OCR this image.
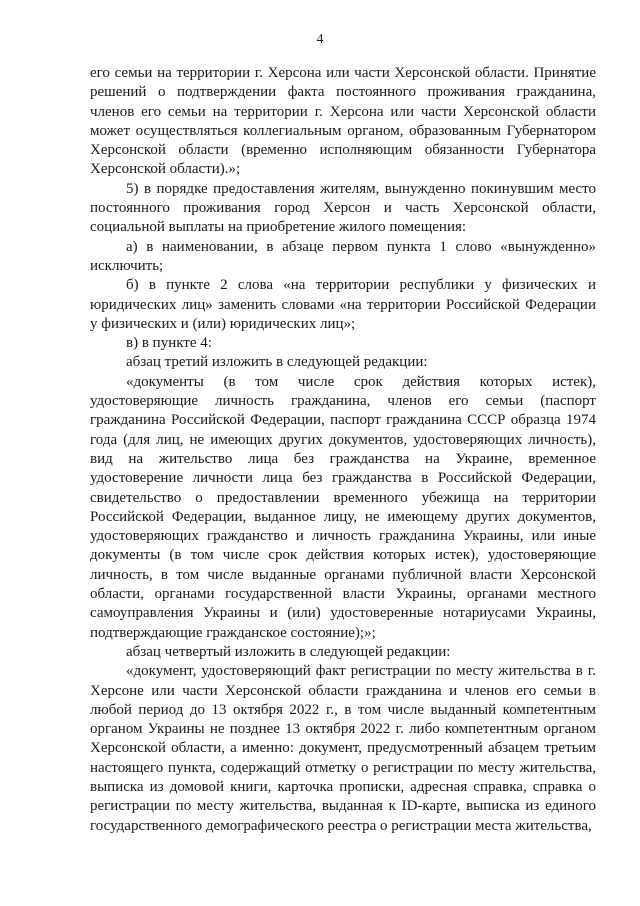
4

его семьи на территории г. Херсона или части Херсонской области. Принятие решений о подтверждении факта постоянного проживания гражданина, членов его семьи на территории г. Херсона или части Херсонской области может осуществляться коллегиальным органом, образованным Губернатором Херсонской области (временно исполняющим обязанности Губернатора Херсонской области).»;

5) в порядке предоставления жителям, вынужденно покинувшим место постоянного проживания город Херсон и часть Херсонской области, социальной выплаты на приобретение жилого помещения:

а) в наименовании, в абзаце первом пункта 1 слово «вынужденно» исключить;

б) в пункте 2 слова «на территории республики у физических и юридических лиц» заменить словами «на территории Российской Федерации у физических и (или) юридических лиц»;

в) в пункте 4:

абзац третий изложить в следующей редакции:

«документы (в том числе срок действия которых истек), удостоверяющие личность гражданина, членов его семьи (паспорт гражданина Российской Федерации, паспорт гражданина СССР образца 1974 года (для лиц, не имеющих других документов, удостоверяющих личность), вид на жительство лица без гражданства на Украине, временное удостоверение личности лица без гражданства в Российской Федерации, свидетельство о предоставлении временного убежища на территории Российской Федерации, выданное лицу, не имеющему других документов, удостоверяющих гражданство и личность гражданина Украины, или иные документы (в том числе срок действия которых истек), удостоверяющие личность, в том числе выданные органами публичной власти Херсонской области, органами государственной власти Украины, органами местного самоуправления Украины и (или) удостоверенные нотариусами Украины, подтверждающие гражданское состояние);»;

абзац четвертый изложить в следующей редакции:

«документ, удостоверяющий факт регистрации по месту жительства в г. Херсоне или части Херсонской области гражданина и членов его семьи в любой период до 13 октября 2022 г., в том числе выданный компетентным органом Украины не позднее 13 октября 2022 г. либо компетентным органом Херсонской области, а именно: документ, предусмотренный абзацем третьим настоящего пункта, содержащий отметку о регистрации по месту жительства, выписка из домовой книги, карточка прописки, адресная справка, справка о регистрации по месту жительства, выданная к ID-карте, выписка из единого государственного демографического реестра о регистрации места жительства,
